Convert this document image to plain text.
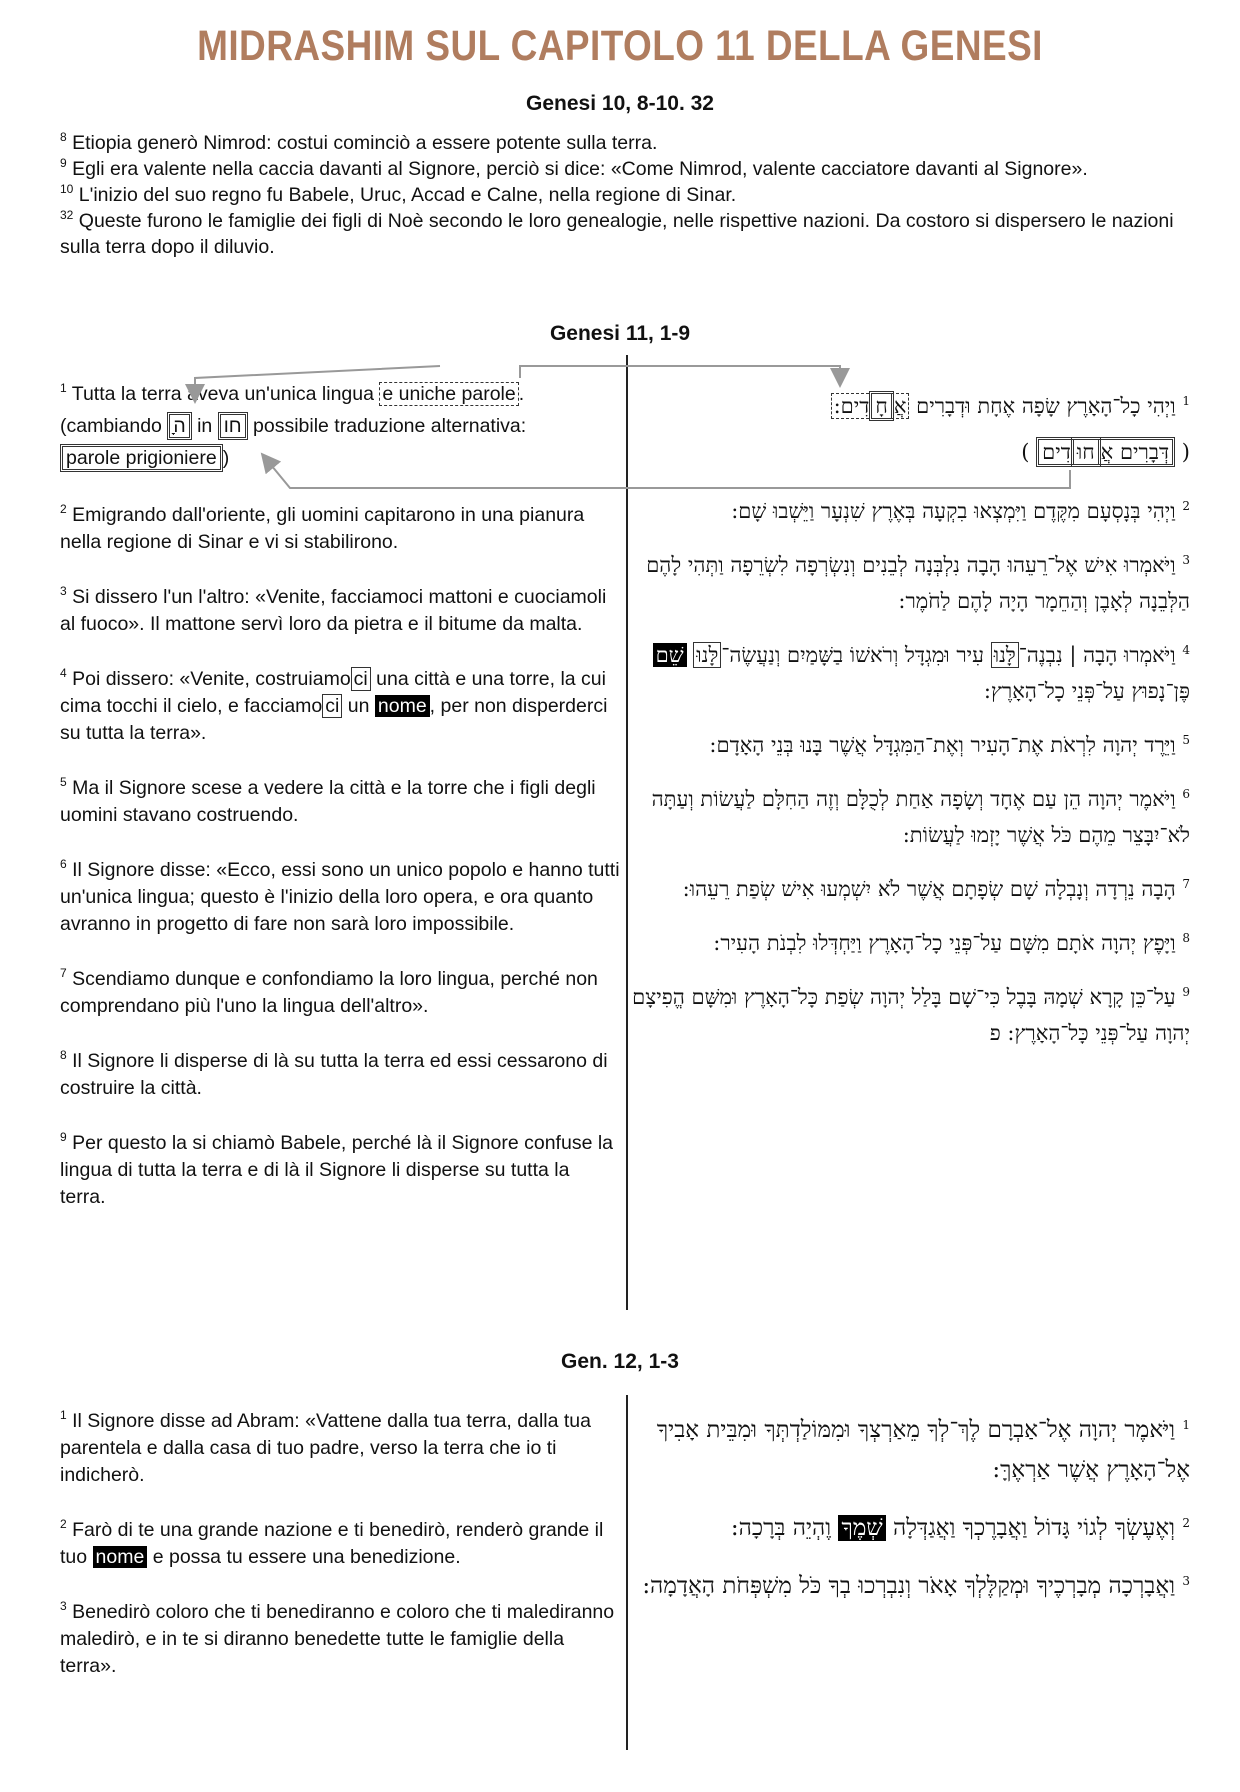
MIDRASHIM SUL CAPITOLO 11 DELLA GENESI
Genesi 10, 8-10. 32

$^8$ Etiopia generò Nimrod: costui cominciò a essere potente sulla terra.

$^9$ Egli era valente nella caccia davanti al Signore, perciò si dice: «Come Nimrod, valente cacciatore davanti al Signore».

$^{10}$ L'inizio del suo regno fu Babele, Uruc, Accad e Calne, nella regione di Sinar.

$^{32}$ Queste furono le famiglie dei figli di Noè secondo le loro genealogie, nelle rispettive nazioni. Da costoro si dispersero le nazioni sulla terra dopo il diluvio.

Genesi 11, 1-9

$^1$ Tutta la terra aveva un'unica lingua e uniche parole .
(cambiando ָה in חו possibile traduzione alternativa:
parole prigioniere )

$^2$ Emigrando dall'oriente, gli uomini capitarono in una pianura nella regione di Sinar e vi si stabilirono.

$^3$ Si dissero l'un l'altro: «Venite, facciamoci mattoni e cuociamoli al fuoco». Il mattone servì loro da pietra e il bitume da malta.

$^4$ Poi dissero: «Venite, costruiamo ci una città e una torre, la cui cima tocchi il cielo, e facciamo ci un nome , per non disperderci su tutta la terra».

$^5$ Ma il Signore scese a vedere la città e la torre che i figli degli uomini stavano costruendo.

$^6$ Il Signore disse: «Ecco, essi sono un unico popolo e hanno tutti un'unica lingua; questo è l'inizio della loro opera, e ora quanto avranno in progetto di fare non sarà loro impossibile.

$^7$ Scendiamo dunque e confondiamo la loro lingua, perché non comprendano più l'uno la lingua dell'altro».

$^8$ Il Signore li disperse di là su tutta la terra ed essi cessarono di costruire la città.

$^9$ Per questo la si chiamò Babele, perché là il Signore confuse la lingua di tutta la terra e di là il Signore li disperse su tutta la terra.

$^1$ וַיְהִי כָל־הָאָרֶץ שָׂפָה אֶחָת וּדְבָרִים אֲחָדִים:
( דְּבָרִים אֲחוּדִים )

$^2$ וַיְהִי בְּנָסְעָם מִקֶּדֶם וַיִּמְצְאוּ בִקְעָה בְּאֶרֶץ שִׁנְעָר וַיֵּשְׁבוּ שָׁם:

$^3$ וַיֹּאמְרוּ אִישׁ אֶל־רֵעֵהוּ הָבָה נִלְבְּנָה לְבֵנִים וְנִשְׂרְפָה לִשְׂרֵפָה וַתְּהִי לָהֶם הַלְּבֵנָה לְאָבֶן וְהַחֵמָר הָיָה לָהֶם לַחֹמֶר:

$^4$ וַיֹּאמְרוּ הָבָה | נִבְנֶה־לָּנוּ עִיר וּמִגְדָּל וְרֹאשׁוֹ בַשָּׁמַיִם וְנַעֲשֶׂה־לָּנוּ שֵׁם פֶּן־נָפוּץ עַל־פְּנֵי כָל־הָאָרֶץ:

$^5$ וַיֵּרֶד יְהוָה לִרְאֹת אֶת־הָעִיר וְאֶת־הַמִּגְדָּל אֲשֶׁר בָּנוּ בְּנֵי הָאָדָם:

$^6$ וַיֹּאמֶר יְהוָה הֵן עַם אֶחָד וְשָׂפָה אַחַת לְכֻלָּם וְזֶה הַחִלָּם לַעֲשׂוֹת וְעַתָּה לֹא־יִבָּצֵר מֵהֶם כֹּל אֲשֶׁר יָזְמוּ לַעֲשׂוֹת:

$^7$ הָבָה נֵרְדָה וְנָבְלָה שָׁם שְׂפָתָם אֲשֶׁר לֹא יִשְׁמְעוּ אִישׁ שְׂפַת רֵעֵהוּ:

$^8$ וַיָּפֶץ יְהוָה אֹתָם מִשָּׁם עַל־פְּנֵי כָל־הָאָרֶץ וַיַּחְדְּלוּ לִבְנֹת הָעִיר:

$^9$ עַל־כֵּן קָרָא שְׁמָהּ בָּבֶל כִּי־שָׁם בָּלַל יְהוָה שְׂפַת כָּל־הָאָרֶץ וּמִשָּׁם הֱפִיצָם יְהוָה עַל־פְּנֵי כָּל־הָאָרֶץ: פ

Gen. 12, 1-3

$^1$ Il Signore disse ad Abram: «Vattene dalla tua terra, dalla tua parentela e dalla casa di tuo padre, verso la terra che io ti indicherò.

$^2$ Farò di te una grande nazione e ti benedirò, renderò grande il tuo nome e possa tu essere una benedizione.

$^3$ Benedirò coloro che ti benediranno e coloro che ti malediranno maledirò, e in te si diranno benedette tutte le famiglie della terra».

$^1$ וַיֹּאמֶר יְהוָה אֶל־אַבְרָם לֶךְ־לְךָ מֵאַרְצְךָ וּמִמּוֹלַדְתְּךָ וּמִבֵּית אָבִיךָ אֶל־הָאָרֶץ אֲשֶׁר אַרְאֶךָּ:

$^2$ וְאֶעֶשְׂךָ לְגוֹי גָּדוֹל וַאֲבָרֶכְךָ וַאֲגַדְּלָה שְׁמֶךָ וֶהְיֵה בְּרָכָה:

$^3$ וַאֲבָרְכָה מְבָרְכֶיךָ וּמְקַלֶּלְךָ אָאֹר וְנִבְרְכוּ בְךָ כֹּל מִשְׁפְּחֹת הָאֲדָמָה:
